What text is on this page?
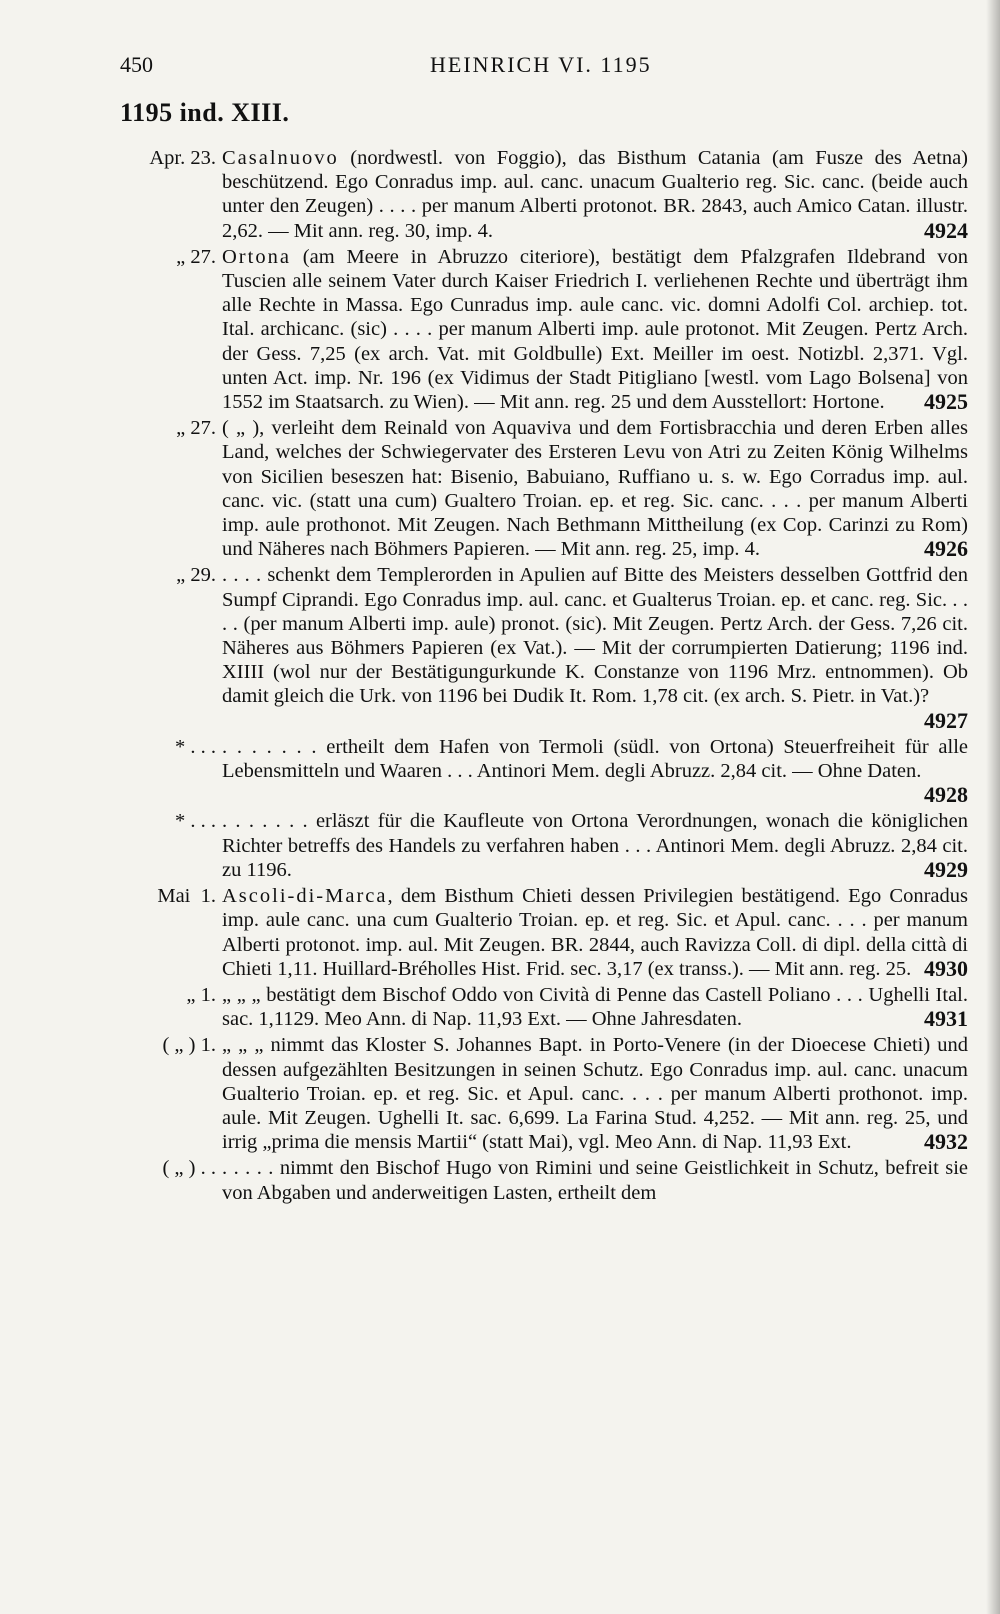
450	HEINRICH VI. 1195
1195 ind. XIII.
Apr. 23. Casalnuovo (nordwestl. von Foggio), das Bisthum Catania (am Fusze des Aetna) beschützend. Ego Conradus imp. aul. canc. unacum Gualterio reg. Sic. canc. (beide auch unter den Zeugen) . . . . per manum Alberti protonot. BR. 2843, auch Amico Catan. illustr. 2,62. — Mit ann. reg. 30, imp. 4.	4924
„ 27. Ortona (am Meere in Abruzzo citeriore), bestätigt dem Pfalzgrafen Ildebrand von Tuscien alle seinem Vater durch Kaiser Friedrich I. verliehenen Rechte und überträgt ihm alle Rechte in Massa. Ego Cunradus imp. aule canc. vic. domni Adolfi Col. archiep. tot. Ital. archicanc. (sic) . . . . per manum Alberti imp. aule protonot. Mit Zeugen. Pertz Arch. der Gess. 7,25 (ex arch. Vat. mit Goldbulle) Ext. Meiller im oest. Notizbl. 2,371. Vgl. unten Act. imp. Nr. 196 (ex Vidimus der Stadt Pitigliano [westl. vom Lago Bolsena] von 1552 im Staatsarch. zu Wien). — Mit ann. reg. 25 und dem Ausstellort: Hortone. 4925
„ 27. ( „ ), verleiht dem Reinald von Aquaviva und dem Fortisbracchia und deren Erben alles Land, welches der Schwiegervater des Ersteren Levu von Atri zu Zeiten König Wilhelms von Sicilien beseszen hat: Bisenio, Babuiano, Ruffiano u. s. w. Ego Corradus imp. aul. canc. vic. (statt una cum) Gualtero Troian. ep. et reg. Sic. canc. . . . per manum Alberti imp. aule prothonot. Mit Zeugen. Nach Bethmann Mittheilung (ex Cop. Carinzi zu Rom) und Näheres nach Böhmers Papieren. — Mit ann. reg. 25, imp. 4.	4926
„ 29. . . . . schenkt dem Templerorden in Apulien auf Bitte des Meisters desselben Gottfrid den Sumpf Ciprandi. Ego Conradus imp. aul. canc. et Gualterus Troian. ep. et canc. reg. Sic. . . . . (per manum Alberti imp. aule) pronot. (sic). Mit Zeugen. Pertz Arch. der Gess. 7,26 cit. Näheres aus Böhmers Papieren (ex Vat.). — Mit der corrumpierten Datierung; 1196 ind. XIIII (wol nur der Bestätigungurkunde K. Constanze von 1196 Mrz. entnommen). Ob damit gleich die Urk. von 1196 bei Dudik It. Rom. 1,78 cit. (ex arch. S. Pietr. in Vat.)?
4927
* . . . . . . . . . . ertheilt dem Hafen von Termoli (südl. von Ortona) Steuerfreiheit für alle Lebensmitteln und Waaren . . . Antinori Mem. degli Abruzz. 2,84 cit. — Ohne Daten.
4928
* . . . . . . . . . . erläszt für die Kaufleute von Ortona Verordnungen, wonach die königlichen Richter betreffs des Handels zu verfahren haben . . . Antinori Mem. degli Abruzz. 2,84 cit. zu 1196.	4929
Mai  1. Ascoli-di-Marca, dem Bisthum Chieti dessen Privilegien bestätigend. Ego Conradus imp. aule canc. una cum Gualterio Troian. ep. et reg. Sic. et Apul. canc. . . . per manum Alberti protonot. imp. aul. Mit Zeugen. BR. 2844, auch Ravizza Coll. di dipl. della città di Chieti 1,11. Huillard-Bréholles Hist. Frid. sec. 3,17 (ex transs.). — Mit ann. reg. 25. 4930
„ 1. „ „ „ bestätigt dem Bischof Oddo von Cività di Penne das Castell Poliano . . . Ughelli Ital. sac. 1,1129. Meo Ann. di Nap. 11,93 Ext. — Ohne Jahresdaten.	4931
( „ ) 1. „ „ „ nimmt das Kloster S. Johannes Bapt. in Porto-Venere (in der Dioecese Chieti) und dessen aufgezählten Besitzungen in seinen Schutz. Ego Conradus imp. aul. canc. unacum Gualterio Troian. ep. et reg. Sic. et Apul. canc. . . . per manum Alberti prothonot. imp. aule. Mit Zeugen. Ughelli It. sac. 6,699. La Farina Stud. 4,252. — Mit ann. reg. 25, und irrig „prima die mensis Martii“ (statt Mai), vgl. Meo Ann. di Nap. 11,93 Ext.	4932
( „ ) . . . . . . . nimmt den Bischof Hugo von Rimini und seine Geistlichkeit in Schutz, befreit sie von Abgaben und anderweitigen Lasten, ertheilt dem
